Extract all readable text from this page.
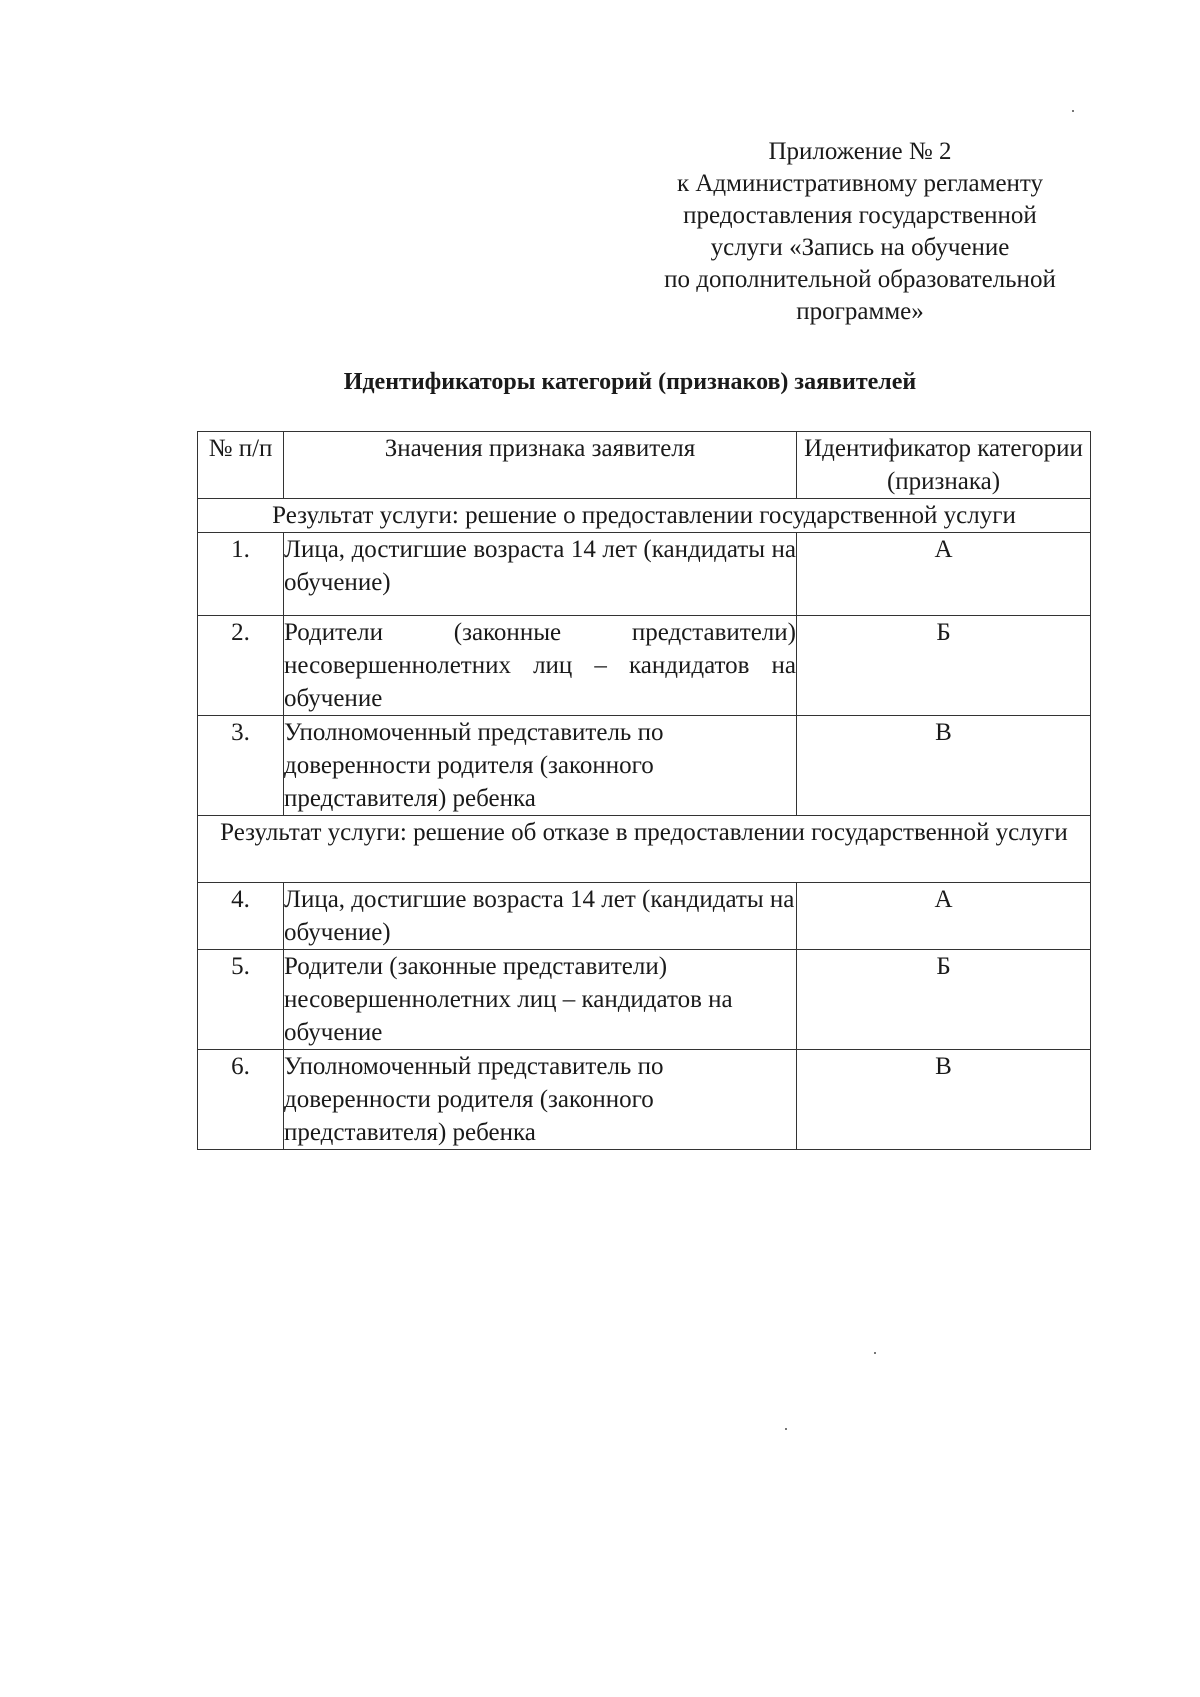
Приложение № 2
к Административному регламенту
предоставления государственной
услуги «Запись на обучение
по дополнительной образовательной
программе»
Идентификаторы категорий (признаков) заявителей
№ п/п	Значения признака заявителя	Идентификатор категории (признака)
Результат услуги: решение о предоставлении государственной услуги		
1.	Лица, достигшие возраста 14 лет (кандидаты на обучение)	А
2.	Родители (законные представители) несовершеннолетних лиц – кандидатов на обучение	Б
3.	Уполномоченный представитель по доверенности родителя (законного представителя) ребенка	В
Результат услуги: решение об отказе в предоставлении государственной услуги		
4.	Лица, достигшие возраста 14 лет (кандидаты на обучение)	А
5.	Родители (законные представители) несовершеннолетних лиц – кандидатов на обучение	Б
6.	Уполномоченный представитель по доверенности родителя (законного представителя) ребенка	В
